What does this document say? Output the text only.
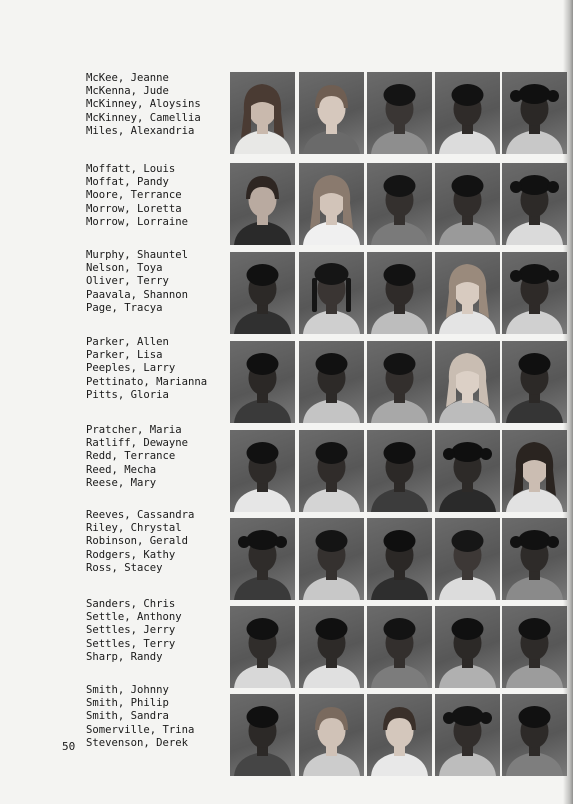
McKee, Jeanne
McKenna, Jude
McKinney, Aloysins
McKinney, Camellia
Miles, Alexandria
Moffatt, Louis
Moffat, Pandy
Moore, Terrance
Morrow, Loretta
Morrow, Lorraine
Murphy, Shauntel
Nelson, Toya
Oliver, Terry
Paavala, Shannon
Page, Tracya
Parker, Allen
Parker, Lisa
Peeples, Larry
Pettinato, Marianna
Pitts, Gloria
Pratcher, Maria
Ratliff, Dewayne
Redd, Terrance
Reed, Mecha
Reese, Mary
Reeves, Cassandra
Riley, Chrystal
Robinson, Gerald
Rodgers, Kathy
Ross, Stacey
Sanders, Chris
Settle, Anthony
Settles, Jerry
Settles, Terry
Sharp, Randy
Smith, Johnny
Smith, Philip
Smith, Sandra
Somerville, Trina
Stevenson, Derek
50
